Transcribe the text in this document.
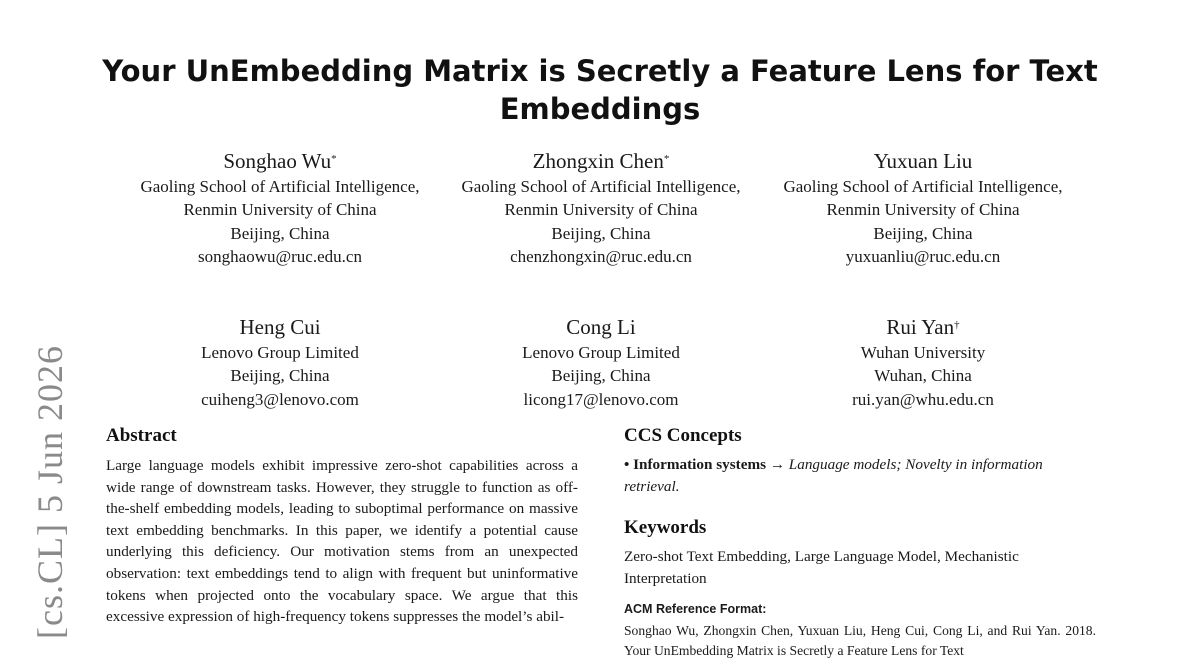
Your UnEmbedding Matrix is Secretly a Feature Lens for Text Embeddings
Songhao Wu*
Gaoling School of Artificial Intelligence, Renmin University of China
Beijing, China
songhaowu@ruc.edu.cn
Zhongxin Chen*
Gaoling School of Artificial Intelligence, Renmin University of China
Beijing, China
chenzhongxin@ruc.edu.cn
Yuxuan Liu
Gaoling School of Artificial Intelligence, Renmin University of China
Beijing, China
yuxuanliu@ruc.edu.cn
Heng Cui
Lenovo Group Limited
Beijing, China
cuiheng3@lenovo.com
Cong Li
Lenovo Group Limited
Beijing, China
licong17@lenovo.com
Rui Yan†
Wuhan University
Wuhan, China
rui.yan@whu.edu.cn
[cs.CL] 5 Jun 2026 Abstract

Large language models exhibit impressive zero-shot capabilities across a wide range of downstream tasks. However, they struggle to function as off-the-shelf embedding models, leading to suboptimal performance on massive text embedding benchmarks. In this paper, we identify a potential cause underlying this deficiency. Our motivation stems from an unexpected observation: text embeddings tend to align with frequent but uninformative tokens when projected onto the vocabulary space. We argue that this excessive expression of high-frequency tokens suppresses the model’s abil-

CCS Concepts

• Information systems → Language models; Novelty in information retrieval.

Keywords

Zero-shot Text Embedding, Large Language Model, Mechanistic Interpretation

ACM Reference Format:

Songhao Wu, Zhongxin Chen, Yuxuan Liu, Heng Cui, Cong Li, and Rui Yan. 2018. Your UnEmbedding Matrix is Secretly a Feature Lens for Text
